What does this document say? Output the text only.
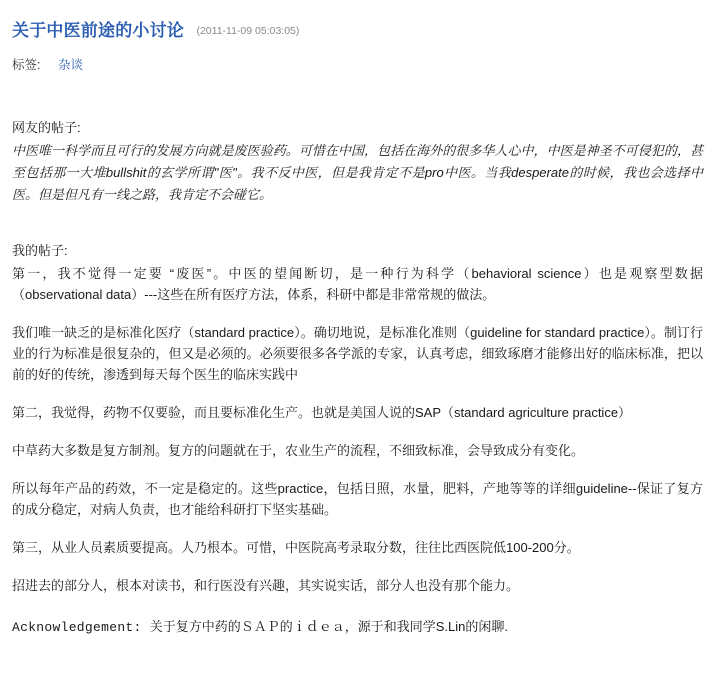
关于中医前途的小讨论 (2011-11-09 05:03:05)
标签: 杂谈
网友的帖子:
中医唯一科学而且可行的发展方向就是废医验药。可惜在中国，包括在海外的很多华人心中，中医是神圣不可侵犯的，甚至包括那一大堆bullshit的玄学所谓"医"。我不反中医，但是我肯定不是pro中医。当我desperate的时候，我也会选择中医。但是但凡有一线之路，我肯定不会碰它。
我的帖子:

第一，我不觉得一定要 “废医”。中医的望闻断切，是一种行为科学（behavioral science）也是观察型数据（observational data）---这些在所有医疗方法，体系，科研中都是非常常规的做法。

我们唯一缺乏的是标准化医疗（standard practice）。确切地说，是标准化准则（guideline for standard practice）。制订行业的行为标准是很复杂的，但又是必须的。必须要很多各学派的专家，认真考虑，细致琢磨才能修出好的临床标准，把以前的好的传统，渗透到每天每个医生的临床实践中

第二，我觉得，药物不仅要验，而且要标准化生产。也就是美国人说的SAP（standard agriculture practice）

中草药大多数是复方制剂。复方的问题就在于，农业生产的流程，不细致标准，会导致成分有变化。

所以每年产品的药效，不一定是稳定的。这些practice，包括日照，水量，肥料，产地等等的详细guideline--保证了复方的成分稳定，对病人负责，也才能给科研打下坚实基础。

第三，从业人员素质要提高。人乃根本。可惜，中医院高考录取分数，往往比西医院低100-200分。

招进去的部分人，根本对读书，和行医没有兴趣，其实说实话，部分人也没有那个能力。

Acknowledgement: 关于复方中药的ＳＡＰ的ｉｄｅａ，源于和我同学S.Lin的闲聊.
